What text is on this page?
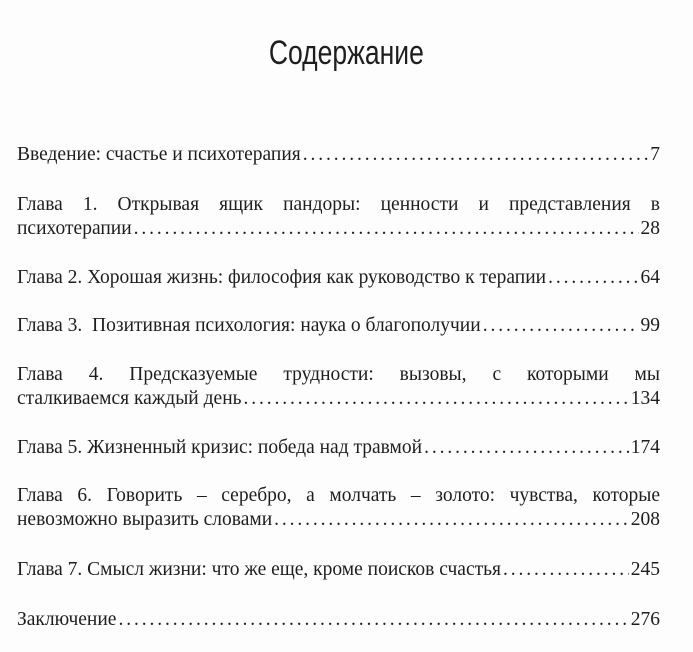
Содержание
Введение: счастье и психотерапия . . .	7
Глава 1. Открывая ящик пандоры: ценности и представления в
психотерапии . . .	28
Глава 2. Хорошая жизнь: философия как руководство к терапии . . .	64
Глава 3.  Позитивная психология: наука о благополучии . . .	99
Глава 4. Предсказуемые трудности: вызовы, с которыми мы
сталкиваемся каждый день . . .	134
Глава 5. Жизненный кризис: победа над травмой . . .	174
Глава 6. Говорить – серебро, а молчать – золото: чувства, которые
невозможно выразить словами . . .	208
Глава 7. Смысл жизни: что же еще, кроме поисков счастья . . .	245
Заключение . . .	276
